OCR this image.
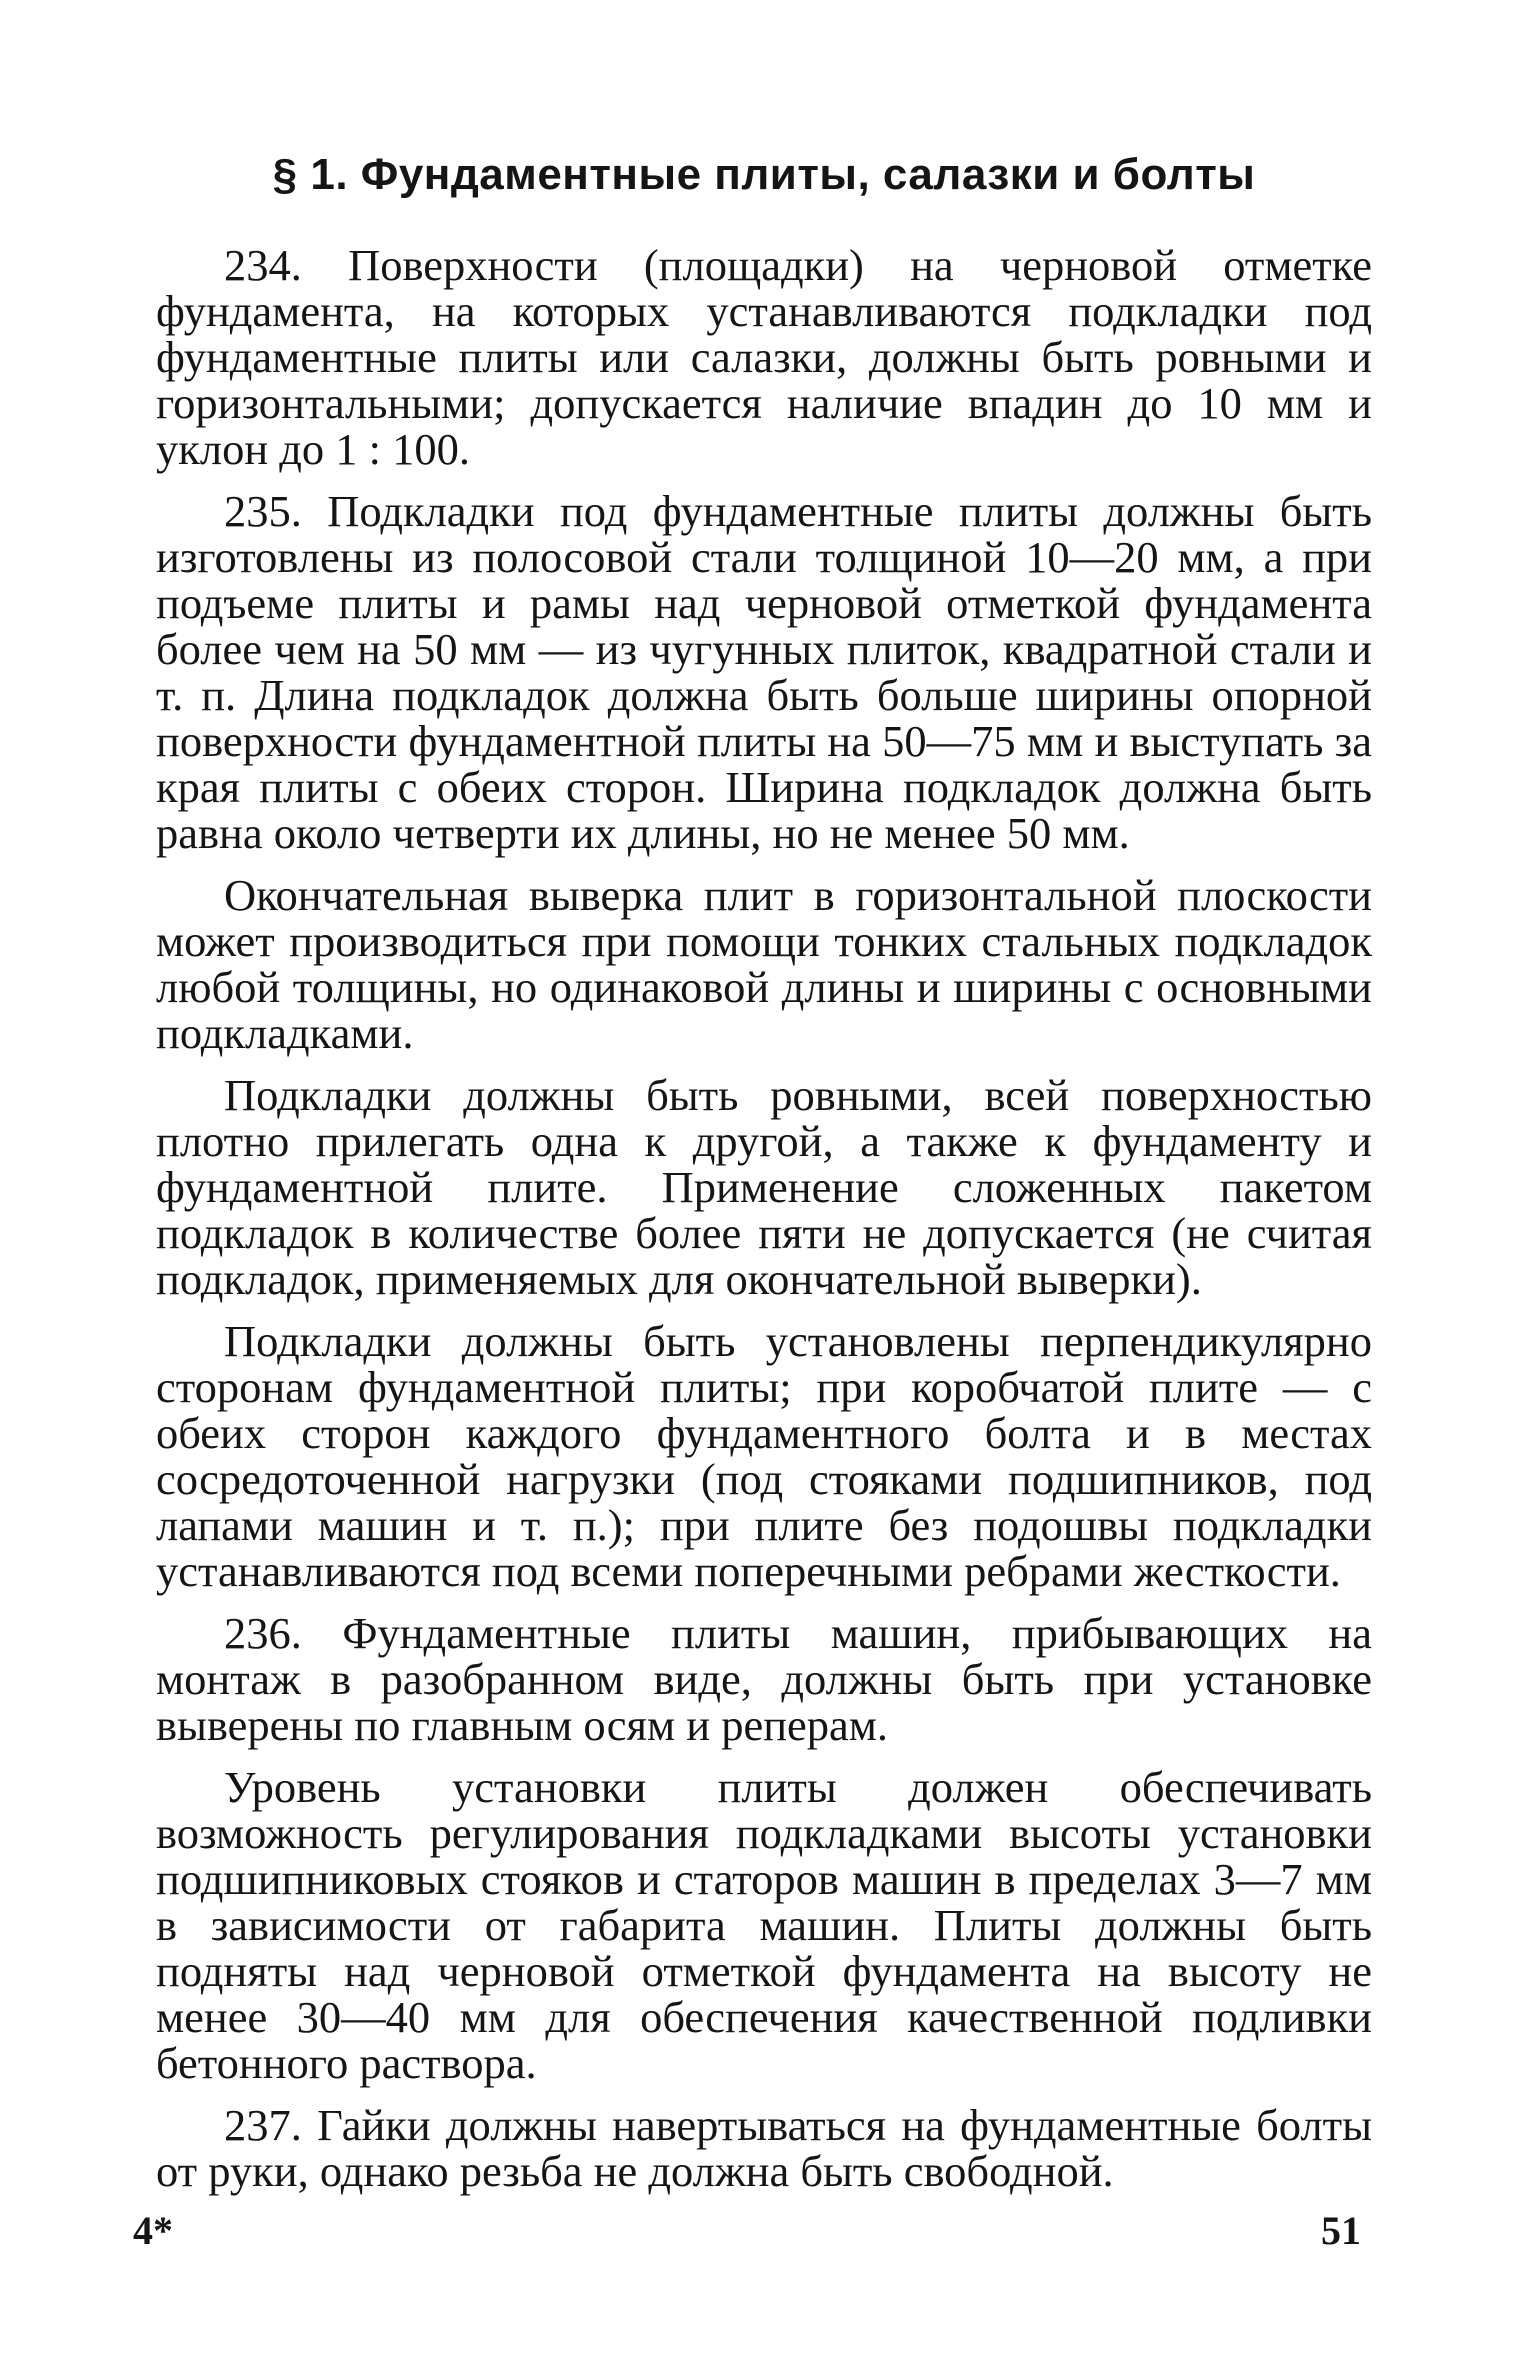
§ 1. Фундаментные плиты, салазки и болты

234. Поверхности (площадки) на черновой отметке фундамента, на которых устанавливаются подкладки под фундаментные плиты или салазки, должны быть ровными и горизонтальными; допускается наличие впадин до 10 мм и уклон до 1 : 100.

235. Подкладки под фундаментные плиты должны быть изготовлены из полосовой стали толщиной 10—20 мм, а при подъеме плиты и рамы над черновой отметкой фундамента более чем на 50 мм — из чугунных плиток, квадратной стали и т. п. Длина подкладок должна быть больше ширины опорной поверхности фундаментной плиты на 50—75 мм и выступать за края плиты с обеих сторон. Ширина подкладок должна быть равна около четверти их длины, но не менее 50 мм.

Окончательная выверка плит в горизонтальной плоскости может производиться при помощи тонких стальных подкладок любой толщины, но одинаковой длины и ширины с основными подкладками.

Подкладки должны быть ровными, всей поверхностью плотно прилегать одна к другой, а также к фундаменту и фундаментной плите. Применение сложенных пакетом подкладок в количестве более пяти не допускается (не считая подкладок, применяемых для окончательной выверки).

Подкладки должны быть установлены перпендикулярно сторонам фундаментной плиты; при коробчатой плите — с обеих сторон каждого фундаментного болта и в местах сосредоточенной нагрузки (под стояками подшипников, под лапами машин и т. п.); при плите без подошвы подкладки устанавливаются под всеми поперечными ребрами жесткости.

236. Фундаментные плиты машин, прибывающих на монтаж в разобранном виде, должны быть при установке выверены по главным осям и реперам.

Уровень установки плиты должен обеспечивать возможность регулирования подкладками высоты установки подшипниковых стояков и статоров машин в пределах 3—7 мм в зависимости от габарита машин. Плиты должны быть подняты над черновой отметкой фундамента на высоту не менее 30—40 мм для обеспечения качественной подливки бетонного раствора.

237. Гайки должны навертываться на фундаментные болты от руки, однако резьба не должна быть свободной.

4*	51
